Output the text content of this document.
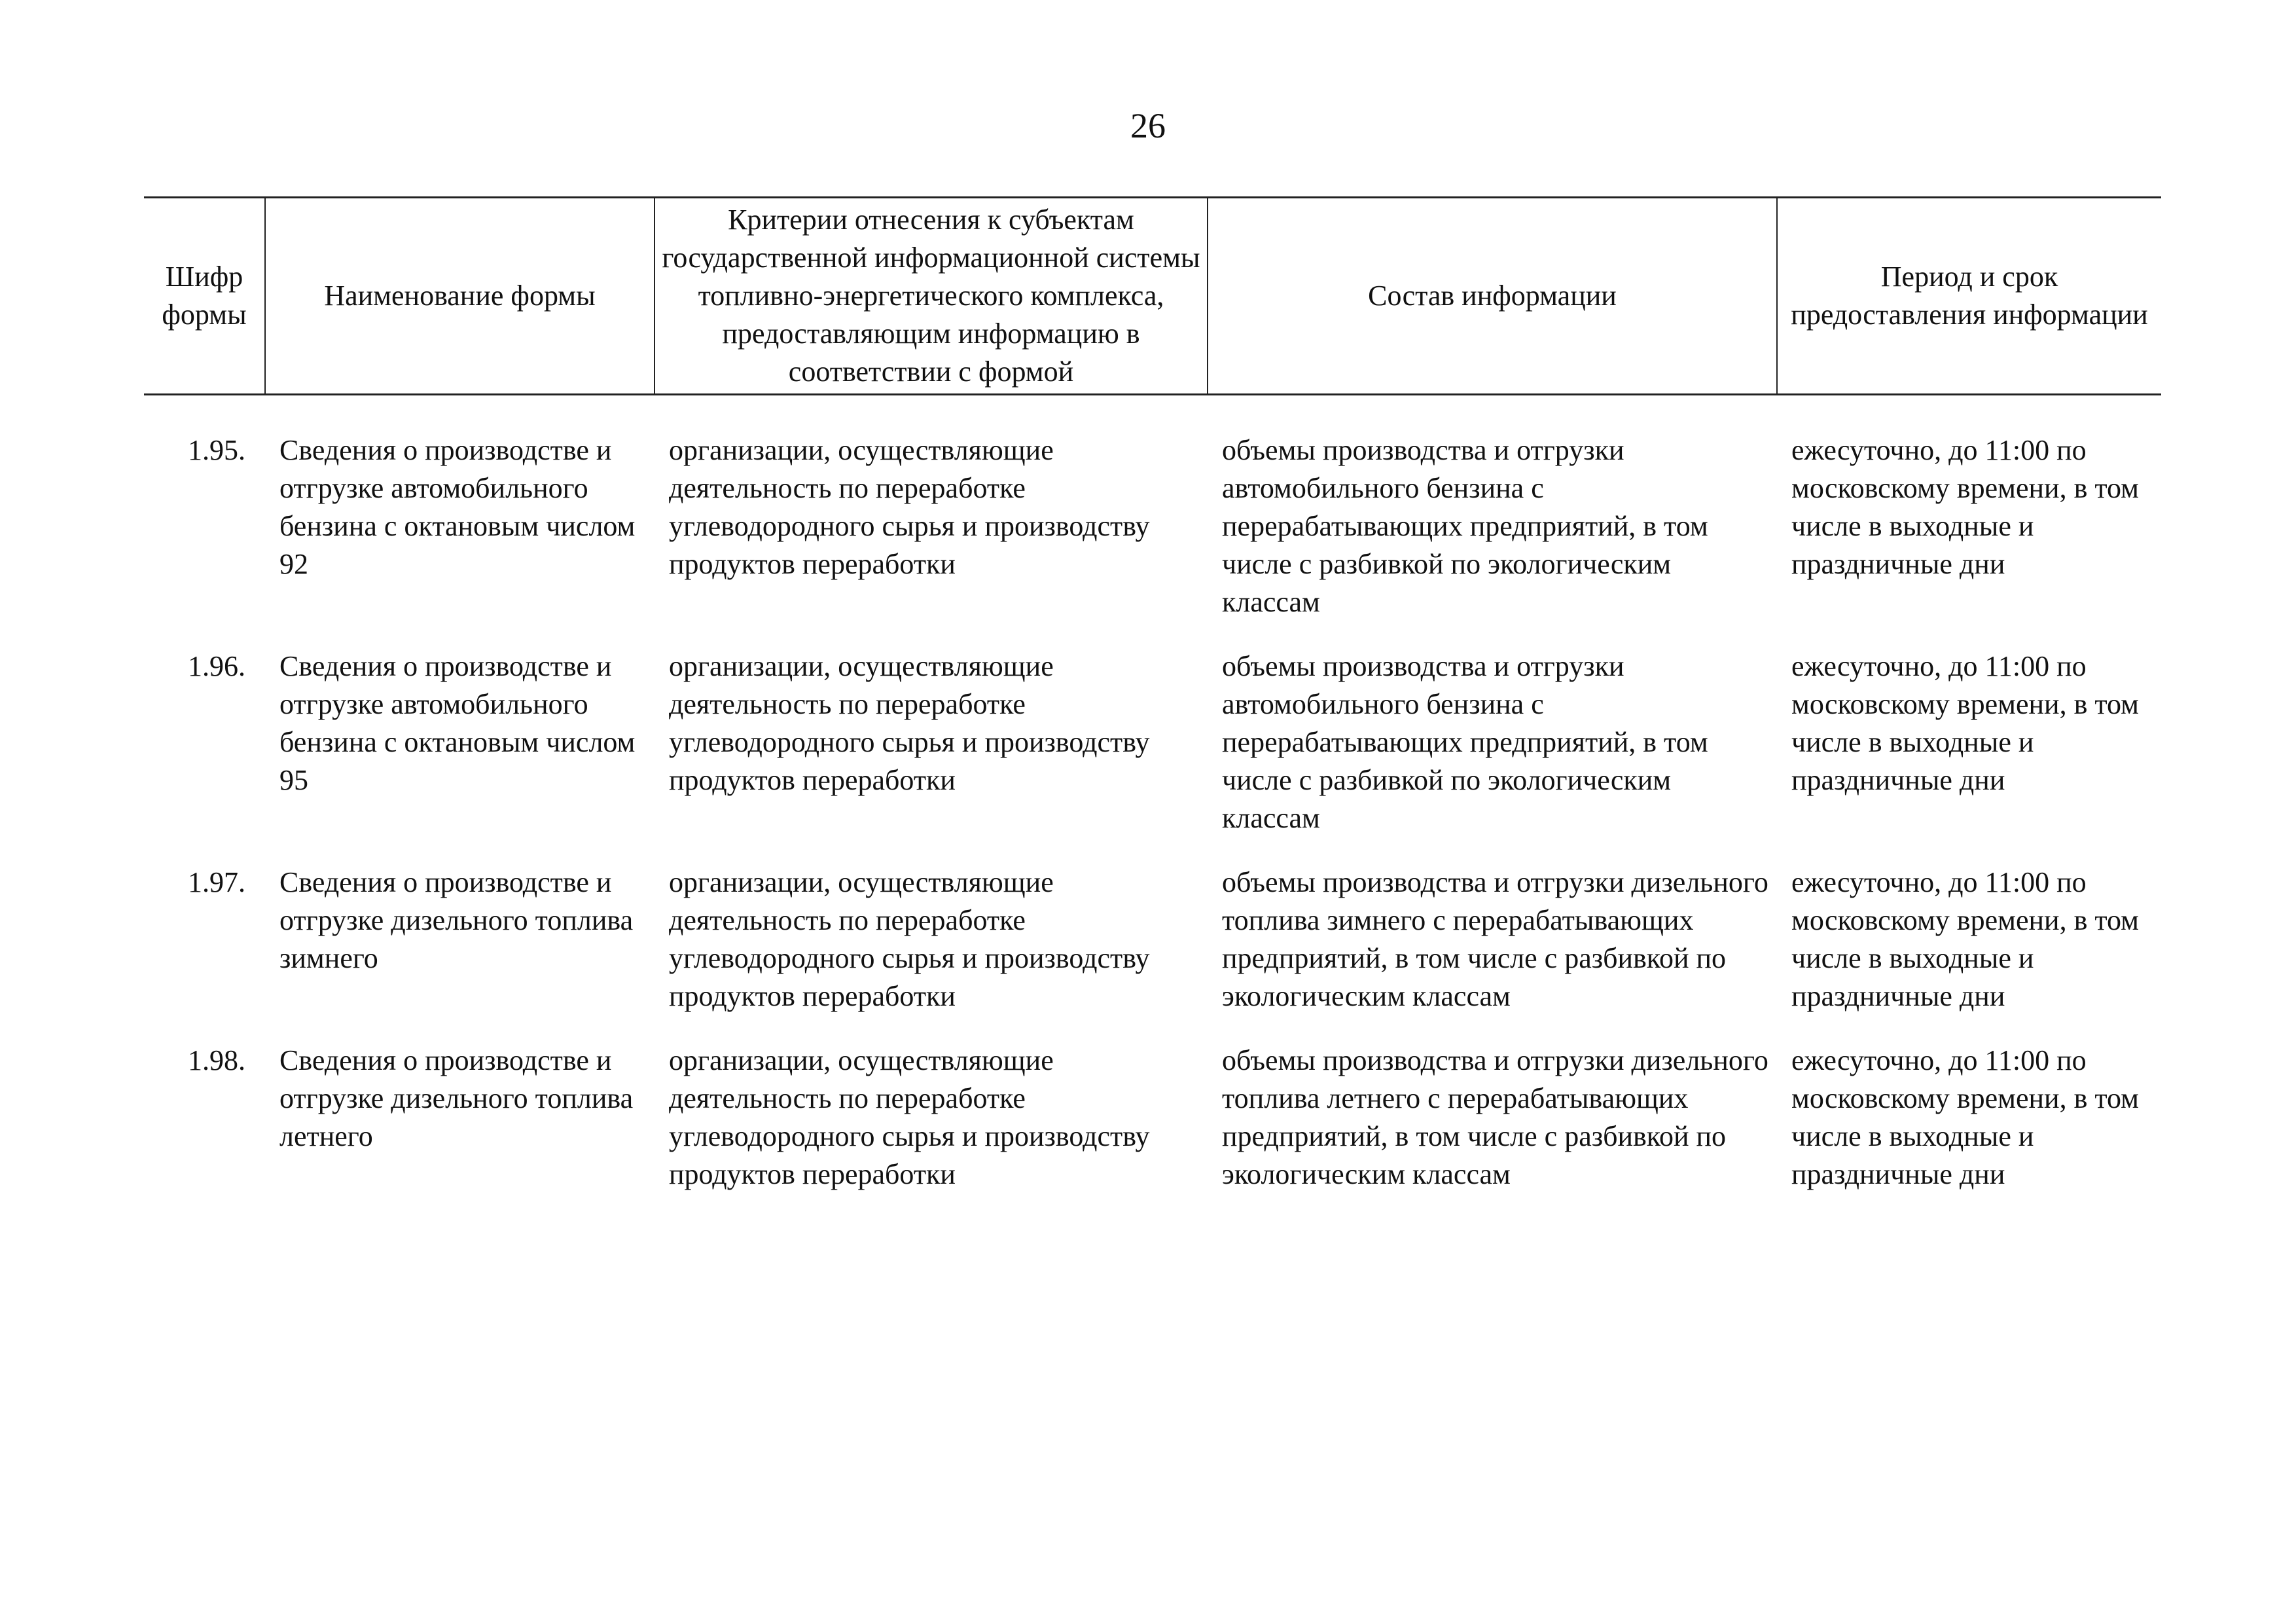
26
Шифр формы	Наименование формы	Критерии отнесения к субъектам государственной информационной системы топливно-энергетического комплекса, предоставляющим информацию в соответствии с формой	Состав информации	Период и срок предоставления информации
1.95.	Сведения о производстве и отгрузке автомобильного бензина с октановым числом 92	организации, осуществляющие деятельность по переработке углеводородного сырья и производству продуктов переработки	объемы производства и отгрузки автомобильного бензина с перерабатывающих предприятий, в том числе с разбивкой по экологическим классам	ежесуточно, до 11:00 по московскому времени, в том числе в выходные и праздничные дни
1.96.	Сведения о производстве и отгрузке автомобильного бензина с октановым числом 95	организации, осуществляющие деятельность по переработке углеводородного сырья и производству продуктов переработки	объемы производства и отгрузки автомобильного бензина с перерабатывающих предприятий, в том числе с разбивкой по экологическим классам	ежесуточно, до 11:00 по московскому времени, в том числе в выходные и праздничные дни
1.97.	Сведения о производстве и отгрузке дизельного топлива зимнего	организации, осуществляющие деятельность по переработке углеводородного сырья и производству продуктов переработки	объемы производства и отгрузки дизельного топлива зимнего с перерабатывающих предприятий, в том числе с разбивкой по экологическим классам	ежесуточно, до 11:00 по московскому времени, в том числе в выходные и праздничные дни
1.98.	Сведения о производстве и отгрузке дизельного топлива летнего	организации, осуществляющие деятельность по переработке углеводородного сырья и производству продуктов переработки	объемы производства и отгрузки дизельного топлива летнего с перерабатывающих предприятий, в том числе с разбивкой по экологическим классам	ежесуточно, до 11:00 по московскому времени, в том числе в выходные и праздничные дни
